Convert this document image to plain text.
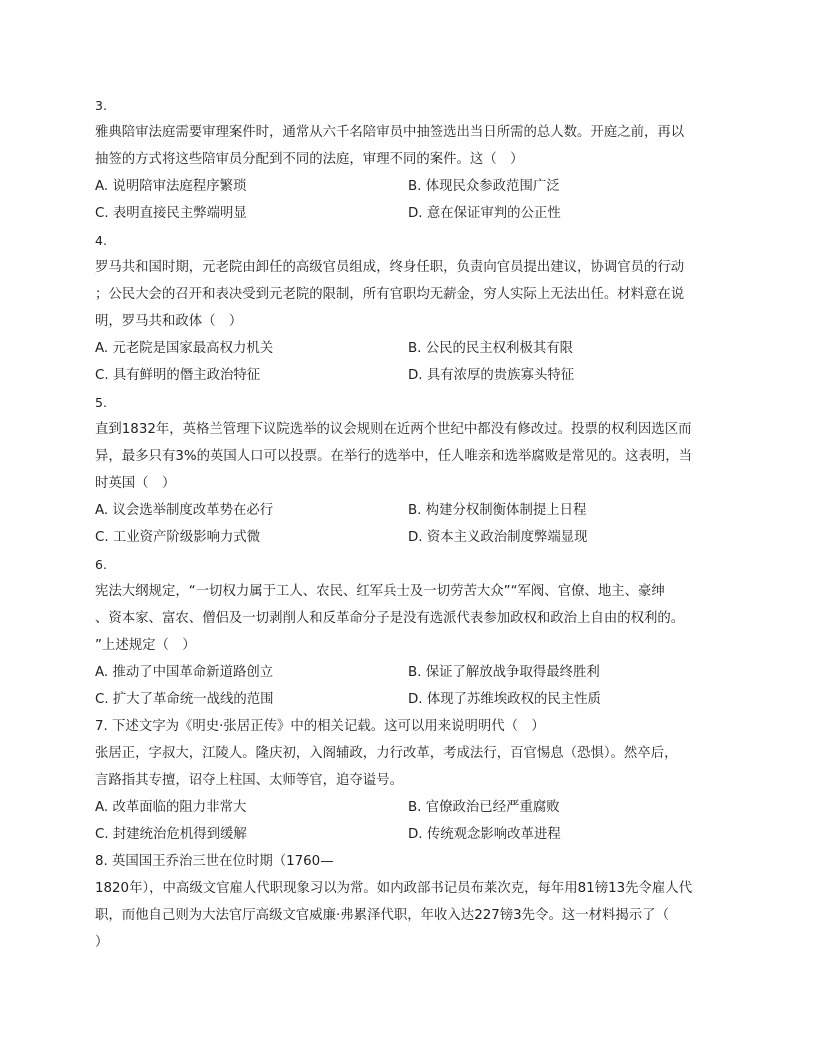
3.
雅典陪审法庭需要审理案件时，通常从六千名陪审员中抽签选出当日所需的总人数。开庭之前，再以
抽签的方式将这些陪审员分配到不同的法庭，审理不同的案件。这（　）
A. 说明陪审法庭程序繁琐	B. 体现民众参政范围广泛
C. 表明直接民主弊端明显	D. 意在保证审判的公正性
4.
罗马共和国时期，元老院由卸任的高级官员组成，终身任职，负责向官员提出建议，协调官员的行动
；公民大会的召开和表决受到元老院的限制，所有官职均无薪金，穷人实际上无法出任。材料意在说
明，罗马共和政体（　）
A. 元老院是国家最高权力机关	B. 公民的民主权利极其有限
C. 具有鲜明的僭主政治特征	D. 具有浓厚的贵族寡头特征
5.
直到1832年，英格兰管理下议院选举的议会规则在近两个世纪中都没有修改过。投票的权利因选区而
异，最多只有3%的英国人口可以投票。在举行的选举中，任人唯亲和选举腐败是常见的。这表明，当
时英国（　）
A. 议会选举制度改革势在必行	B. 构建分权制衡体制提上日程
C. 工业资产阶级影响力式微	D. 资本主义政治制度弊端显现
6.
宪法大纲规定，“一切权力属于工人、农民、红军兵士及一切劳苦大众”“军阀、官僚、地主、豪绅
、资本家、富农、僧侣及一切剥削人和反革命分子是没有选派代表参加政权和政治上自由的权利的。
”上述规定（　）
A. 推动了中国革命新道路创立	B. 保证了解放战争取得最终胜利
C. 扩大了革命统一战线的范围	D. 体现了苏维埃政权的民主性质
7. 下述文字为《明史·张居正传》中的相关记载。这可以用来说明明代（　）
张居正，字叔大，江陵人。隆庆初，入阁辅政，力行改革，考成法行，百官惕息（恐惧）。然卒后，
言路指其专擅，诏夺上柱国、太师等官，追夺谥号。
A. 改革面临的阻力非常大	B. 官僚政治已经严重腐败
C. 封建统治危机得到缓解	D. 传统观念影响改革进程
8. 英国国王乔治三世在位时期（1760—
1820年），中高级文官雇人代职现象习以为常。如内政部书记员布莱次克，每年用81镑13先令雇人代
职，而他自己则为大法官厅高级文官威廉·弗累泽代职，年收入达227镑3先令。这一材料揭示了（
）
